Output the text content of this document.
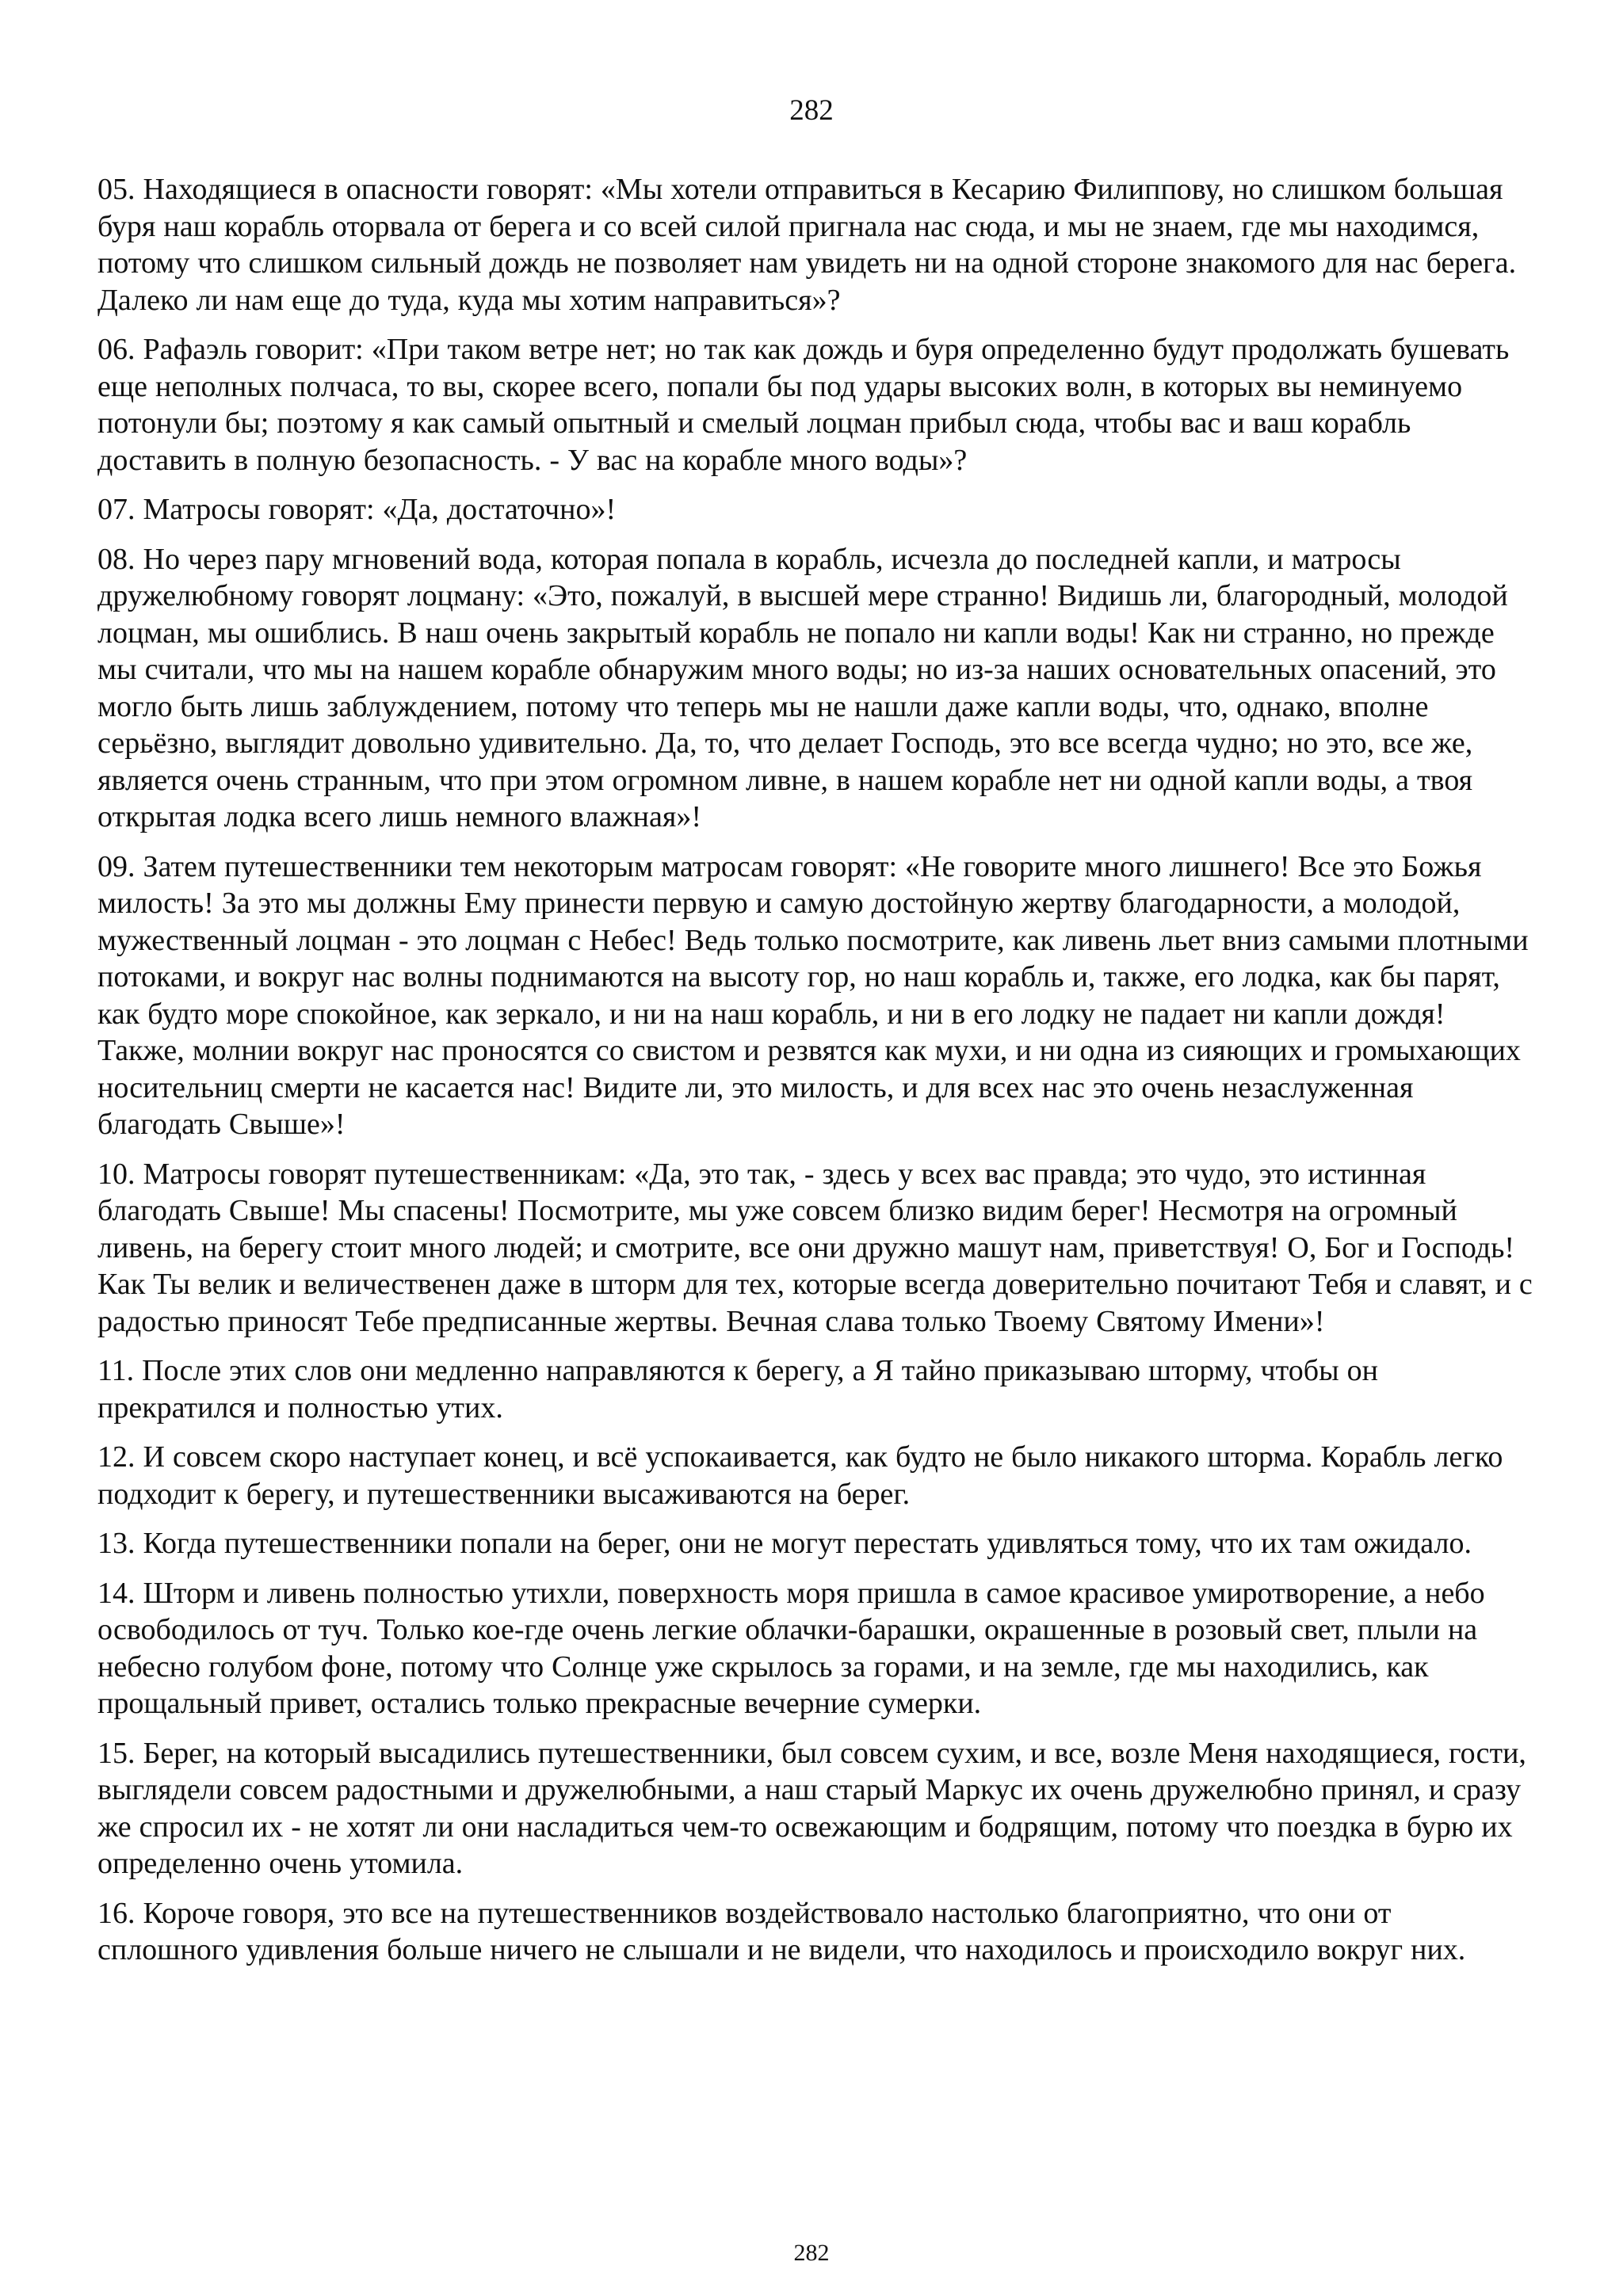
282

05. Находящиеся в опасности говорят: «Мы хотели отправиться в Кесарию Филиппову, но слишком большая буря наш корабль оторвала от берега и со всей силой пригнала нас сюда, и мы не знаем, где мы находимся, потому что слишком сильный дождь не позволяет нам увидеть ни на одной стороне знакомого для нас берега. Далеко ли нам еще до туда, куда мы хотим направиться»?

06. Рафаэль говорит: «При таком ветре нет; но так как дождь и буря определенно будут продолжать бушевать еще неполных полчаса, то вы, скорее всего, попали бы под удары высоких волн, в которых вы неминуемо потонули бы; поэтому я как самый опытный и смелый лоцман прибыл сюда, чтобы вас и ваш корабль доставить в полную безопасность. - У вас на корабле много воды»?

07. Матросы говорят: «Да, достаточно»!

08. Но через пару мгновений вода, которая попала в корабль, исчезла до последней капли, и матросы дружелюбному говорят лоцману: «Это, пожалуй, в высшей мере странно! Видишь ли, благородный, молодой лоцман, мы ошиблись. В наш очень закрытый корабль не попало ни капли воды! Как ни странно, но прежде мы считали, что мы на нашем корабле обнаружим много воды; но из-за наших основательных опасений, это могло быть лишь заблуждением, потому что теперь мы не нашли даже капли воды, что, однако, вполне серьёзно, выглядит довольно удивительно. Да, то, что делает Господь, это все всегда чудно; но это, все же, является очень странным, что при этом огромном ливне, в нашем корабле нет ни одной капли воды, а твоя открытая лодка всего лишь немного влажная»!

09. Затем путешественники тем некоторым матросам говорят: «Не говорите много лишнего! Все это Божья милость! За это мы должны Ему принести первую и самую достойную жертву благодарности, а молодой, мужественный лоцман - это лоцман с Небес! Ведь только посмотрите, как ливень льет вниз самыми плотными потоками, и вокруг нас волны поднимаются на высоту гор, но наш корабль и, также, его лодка, как бы парят, как будто море спокойное, как зеркало, и ни на наш корабль, и ни в его лодку не падает ни капли дождя! Также, молнии вокруг нас проносятся со свистом и резвятся как мухи, и ни одна из сияющих и громыхающих носительниц смерти не касается нас! Видите ли, это милость, и для всех нас это очень незаслуженная благодать Свыше»!

10. Матросы говорят путешественникам: «Да, это так, - здесь у всех вас правда; это чудо, это истинная благодать Свыше! Мы спасены! Посмотрите, мы уже совсем близко видим берег! Несмотря на огромный ливень, на берегу стоит много людей; и смотрите, все они дружно машут нам, приветствуя! О, Бог и Господь! Как Ты велик и величественен даже в шторм для тех, которые всегда доверительно почитают Тебя и славят, и с радостью приносят Тебе предписанные жертвы. Вечная слава только Твоему Святому Имени»!

11. После этих слов они медленно направляются к берегу, а Я тайно приказываю шторму, чтобы он прекратился и полностью утих.

12. И совсем скоро наступает конец, и всё успокаивается, как будто не было никакого шторма. Корабль легко подходит к берегу, и путешественники высаживаются на берег.

13. Когда путешественники попали на берег, они не могут перестать удивляться тому, что их там ожидало.

14. Шторм и ливень полностью утихли, поверхность моря пришла в самое красивое умиротворение, а небо освободилось от туч. Только кое-где очень легкие облачки-барашки, окрашенные в розовый свет, плыли на небесно голубом фоне, потому что Солнце уже скрылось за горами, и на земле, где мы находились, как прощальный привет, остались только прекрасные вечерние сумерки.

15. Берег, на который высадились путешественники, был совсем сухим, и все, возле Меня находящиеся, гости, выглядели совсем радостными и дружелюбными, а наш старый Маркус их очень дружелюбно принял, и сразу же спросил их - не хотят ли они насладиться чем-то освежающим и бодрящим, потому что поездка в бурю их определенно очень утомила.

16. Короче говоря, это все на путешественников воздействовало настолько благоприятно, что они от сплошного удивления больше ничего не слышали и не видели, что находилось и происходило вокруг них.

282
